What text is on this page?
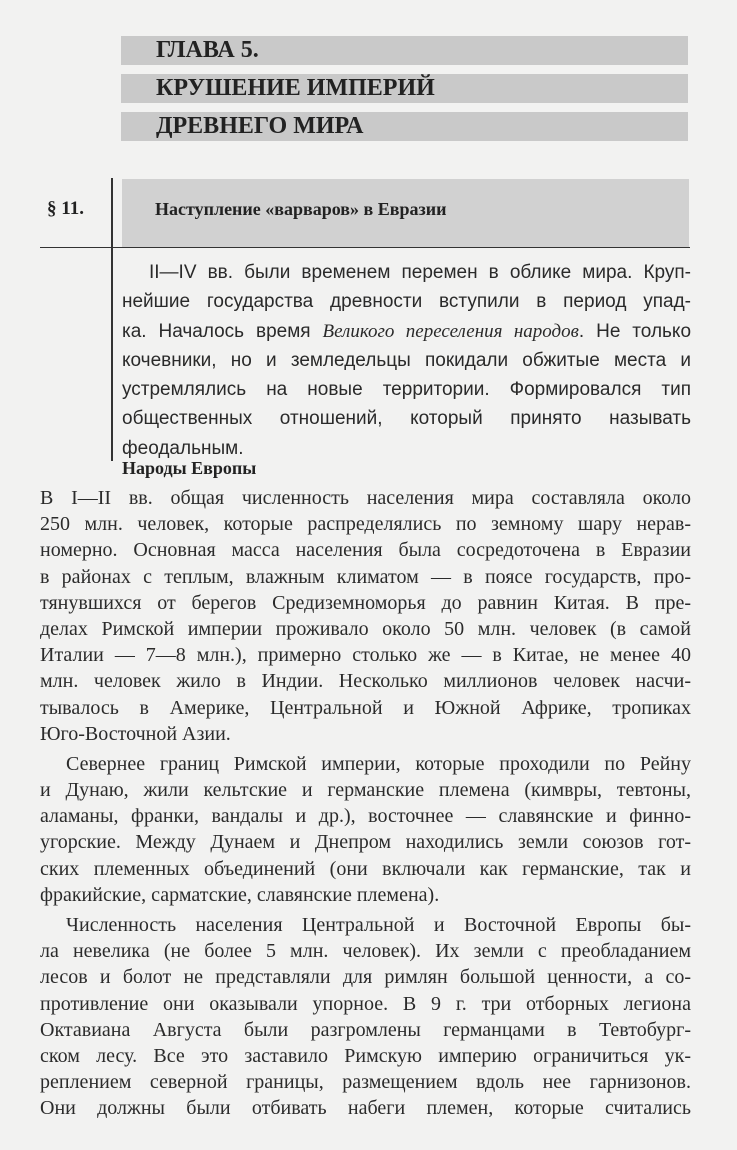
ГЛАВА 5.
КРУШЕНИЕ ИМПЕРИЙ
ДРЕВНЕГО МИРА
§ 11.	Наступление «варваров» в Евразии
II—IV вв. были временем перемен в облике мира. Круп-
нейшие государства древности вступили в период упад-
ка. Началось время Великого переселения народов. Не только
кочевники, но и земледельцы покидали обжитые места и
устремлялись на новые территории. Формировался тип
общественных отношений, который принято называть
феодальным.
Народы Европы
В I—II вв. общая численность населения мира составляла около
250 млн. человек, которые распределялись по земному шару нерав-
номерно. Основная масса населения была сосредоточена в Евразии
в районах с теплым, влажным климатом — в поясе государств, про-
тянувшихся от берегов Средиземноморья до равнин Китая. В пре-
делах Римской империи проживало около 50 млн. человек (в самой
Италии — 7—8 млн.), примерно столько же — в Китае, не менее 40
млн. человек жило в Индии. Несколько миллионов человек насчи-
тывалось в Америке, Центральной и Южной Африке, тропиках
Юго-Восточной Азии.
Севернее границ Римской империи, которые проходили по Рейну
и Дунаю, жили кельтские и германские племена (кимвры, тевтоны,
аламаны, франки, вандалы и др.), восточнее — славянские и финно-
угорские. Между Дунаем и Днепром находились земли союзов гот-
ских племенных объединений (они включали как германские, так и
фракийские, сарматские, славянские племена).
Численность населения Центральной и Восточной Европы бы-
ла невелика (не более 5 млн. человек). Их земли с преобладанием
лесов и болот не представляли для римлян большой ценности, а со-
противление они оказывали упорное. В 9 г. три отборных легиона
Октавиана Августа были разгромлены германцами в Тевтобург-
ском лесу. Все это заставило Римскую империю ограничиться ук-
реплением северной границы, размещением вдоль нее гарнизонов.
Они должны были отбивать набеги племен, которые считались
